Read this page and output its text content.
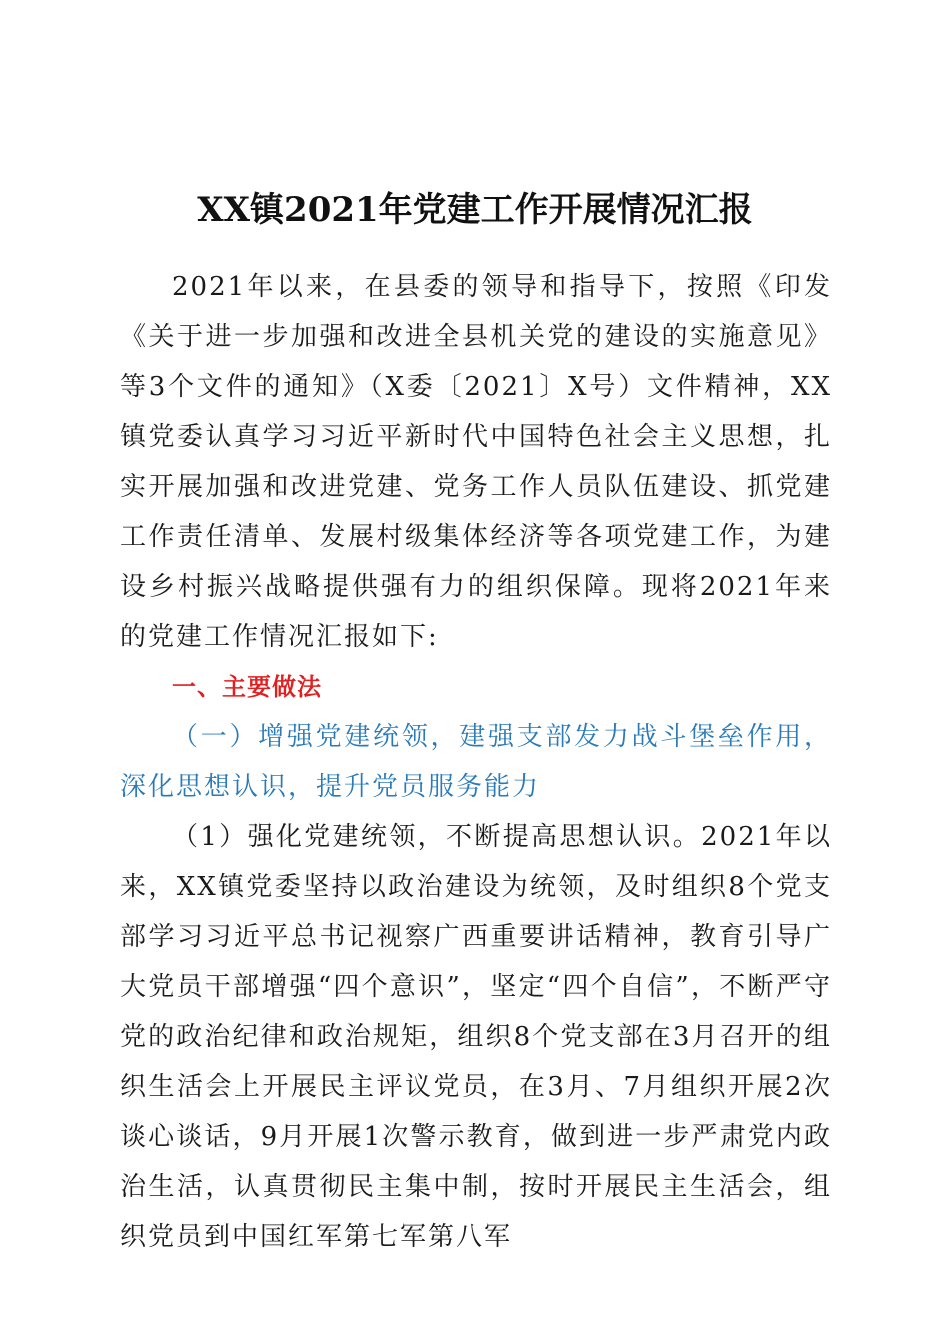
XX镇2021年党建工作开展情况汇报

2021年以来，在县委的领导和指导下，按照《印发《关于进一步加强和改进全县机关党的建设的实施意见》等3个文件的通知》（X委〔2021〕X号）文件精神，XX镇党委认真学习习近平新时代中国特色社会主义思想，扎实开展加强和改进党建、党务工作人员队伍建设、抓党建工作责任清单、发展村级集体经济等各项党建工作，为建设乡村振兴战略提供强有力的组织保障。现将2021年来的党建工作情况汇报如下:

一、主要做法

（一）增强党建统领，建强支部发力战斗堡垒作用，深化思想认识，提升党员服务能力

（1）强化党建统领，不断提高思想认识。2021年以来，XX镇党委坚持以政治建设为统领，及时组织8个党支部学习习近平总书记视察广西重要讲话精神，教育引导广大党员干部增强“四个意识”，坚定“四个自信”，不断严守党的政治纪律和政治规矩，组织8个党支部在3月召开的组织生活会上开展民主评议党员，在3月、7月组织开展2次谈心谈话，9月开展1次警示教育，做到进一步严肃党内政治生活，认真贯彻民主集中制，按时开展民主生活会，组织党员到中国红军第七军第八军
